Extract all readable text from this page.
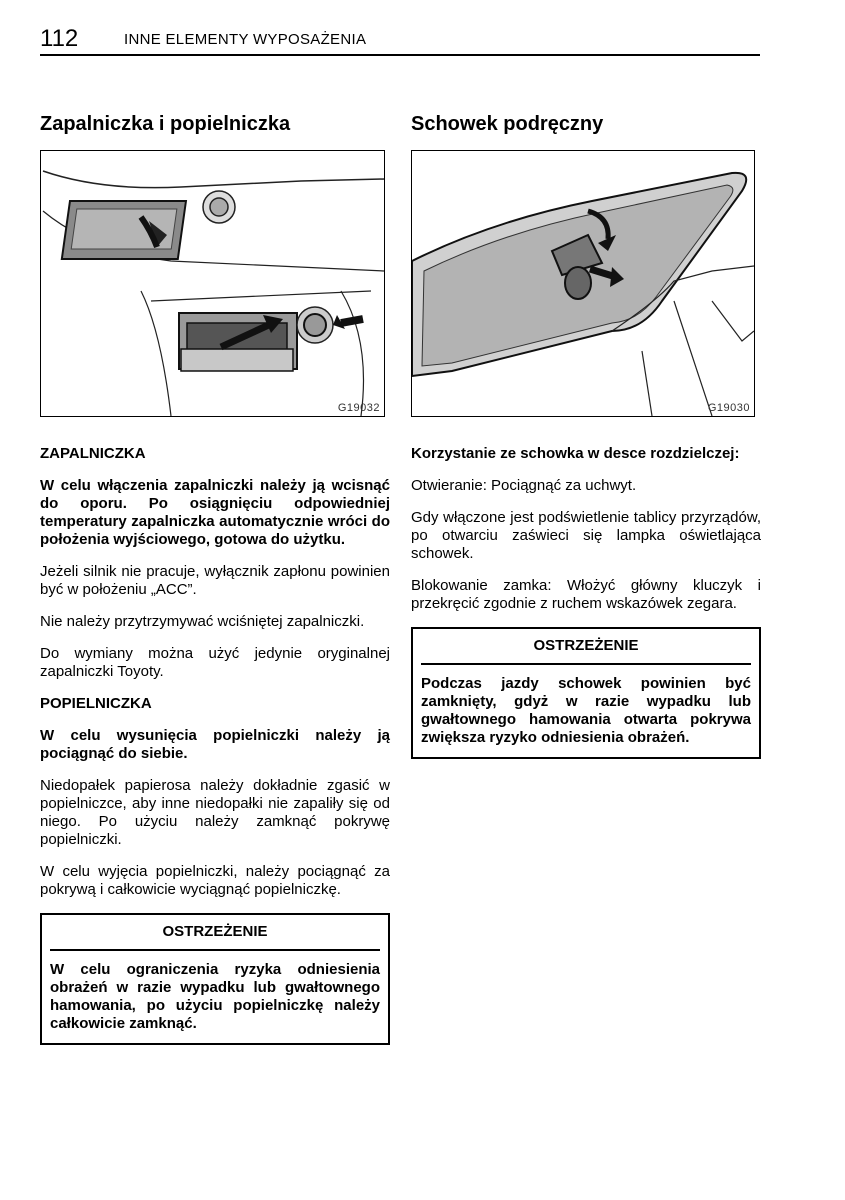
112	INNE ELEMENTY WYPOSAŻENIA
Zapalniczka i popielniczka
G19032

ZAPALNICZKA

W celu włączenia zapalniczki należy ją wcisnąć do oporu. Po osiągnięciu odpowiedniej temperatury zapalniczka automatycznie wróci do położenia wyjściowego, gotowa do użytku.

Jeżeli silnik nie pracuje, wyłącznik zapłonu powinien być w położeniu „ACC”.

Nie należy przytrzymywać wciśniętej zapalniczki.

Do wymiany można użyć jedynie oryginalnej zapalniczki Toyoty.

POPIELNICZKA

W celu wysunięcia popielniczki należy ją pociągnąć do siebie.

Niedopałek papierosa należy dokładnie zgasić w popielniczce, aby inne niedopałki nie zapaliły się od niego. Po użyciu należy zamknąć pokrywę popielniczki.

W celu wyjęcia popielniczki, należy pociągnąć za pokrywą i całkowicie wyciągnąć popielniczkę.

OSTRZEŻENIE
W celu ograniczenia ryzyka odniesienia obrażeń w razie wypadku lub gwałtownego hamowania, po użyciu popielniczkę należy całkowicie zamknąć.
Schowek podręczny
G19030

Korzystanie ze schowka w desce rozdzielczej:

Otwieranie: Pociągnąć za uchwyt.

Gdy włączone jest podświetlenie tablicy przyrządów, po otwarciu zaświeci się lampka oświetlająca schowek.

Blokowanie zamka: Włożyć główny kluczyk i przekręcić zgodnie z ruchem wskazówek zegara.

OSTRZEŻENIE
Podczas jazdy schowek powinien być zamknięty, gdyż w razie wypadku lub gwałtownego hamowania otwarta pokrywa zwiększa ryzyko odniesienia obrażeń.
